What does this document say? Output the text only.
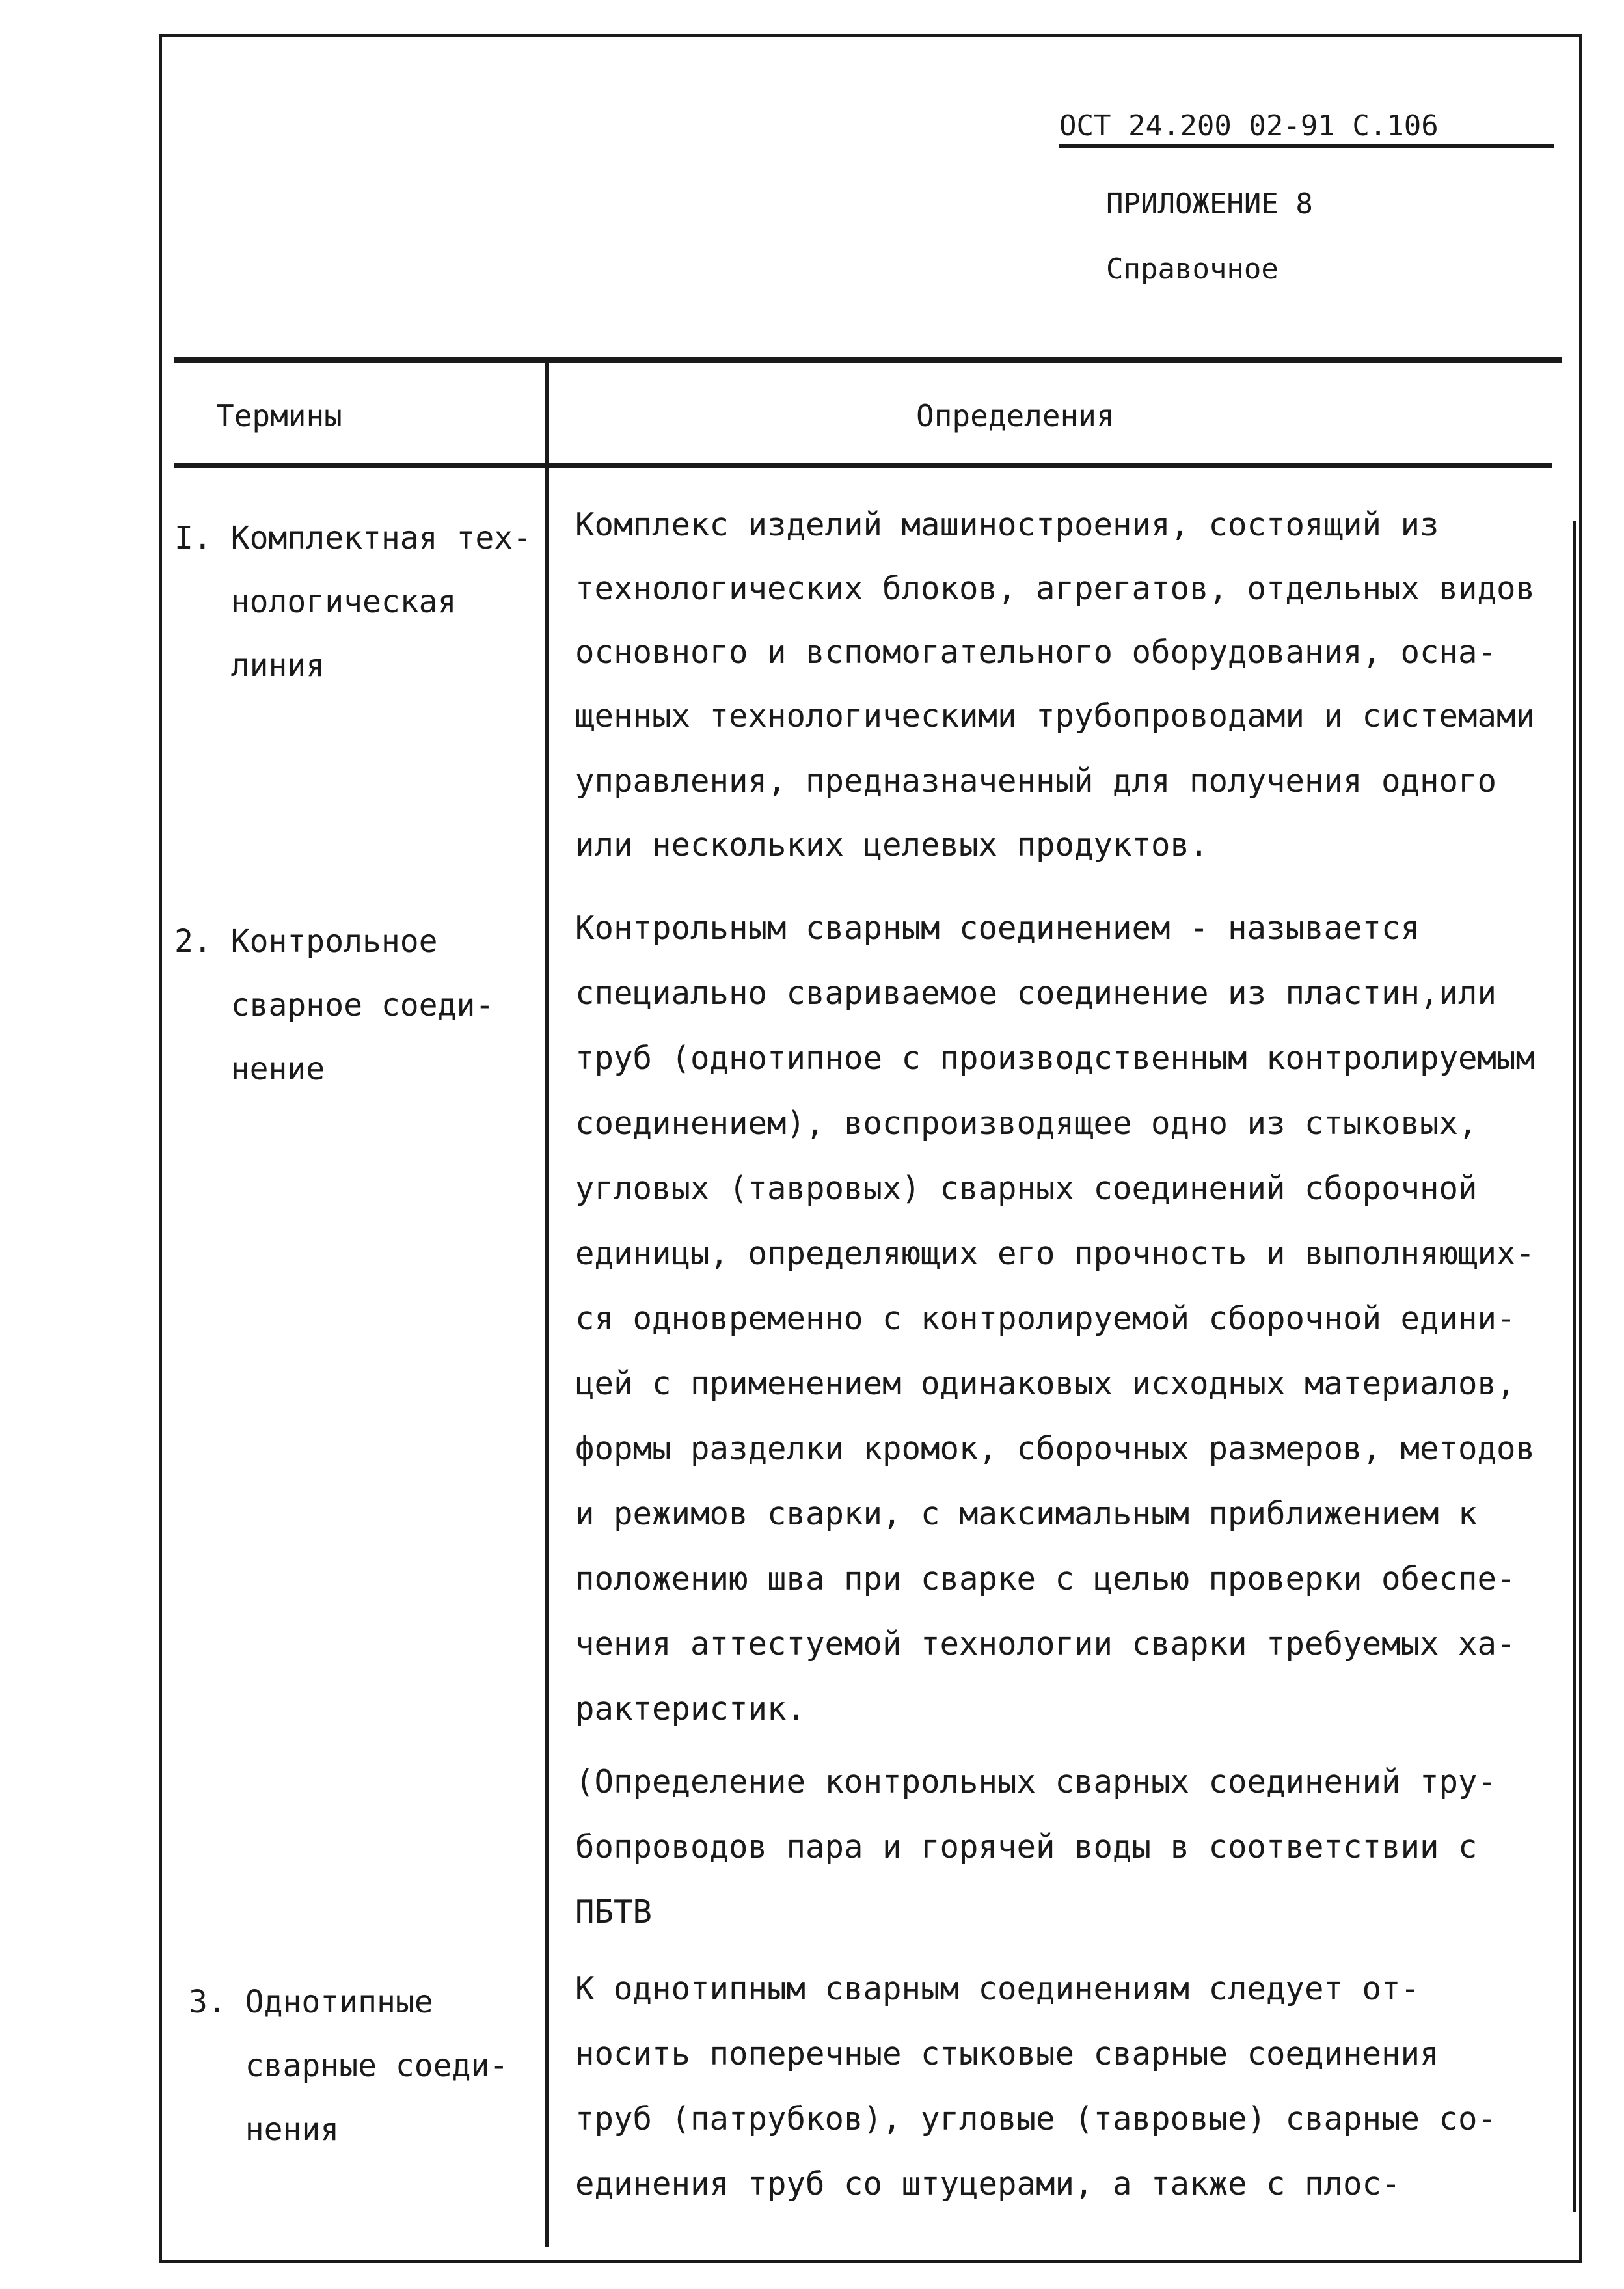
ОСТ 24.200 02-91 С.106
ПРИЛОЖЕНИЕ 8
Справочное
Термины	Определения
I. Комплектная тех-
нологическая
линия
Комплекс изделий машиностроения, состоящий из
технологических блоков, агрегатов, отдельных видов
основного и вспомогательного оборудования, осна-
щенных технологическими трубопроводами и системами
управления, предназначенный для получения одного
или нескольких целевых продуктов.
2. Контрольное
сварное соеди-
нение
Контрольным сварным соединением - называется
специально свариваемое соединение из пластин,или
труб (однотипное с производственным контролируемым
соединением), воспроизводящее одно из стыковых,
угловых (тавровых) сварных соединений сборочной
единицы, определяющих его прочность и выполняющих-
ся одновременно с контролируемой сборочной едини-
цей с применением одинаковых исходных материалов,
формы разделки кромок, сборочных размеров, методов
и режимов сварки, с максимальным приближением к
положению шва при сварке с целью проверки обеспе-
чения аттестуемой технологии сварки требуемых ха-
рактеристик.
(Определение контрольных сварных соединений тру-
бопроводов пара и горячей воды в соответствии с
ПБТВ
3. Однотипные
сварные соеди-
нения
К однотипным сварным соединениям следует от-
носить поперечные стыковые сварные соединения
труб (патрубков), угловые (тавровые) сварные со-
единения труб со штуцерами, а также с плос-
